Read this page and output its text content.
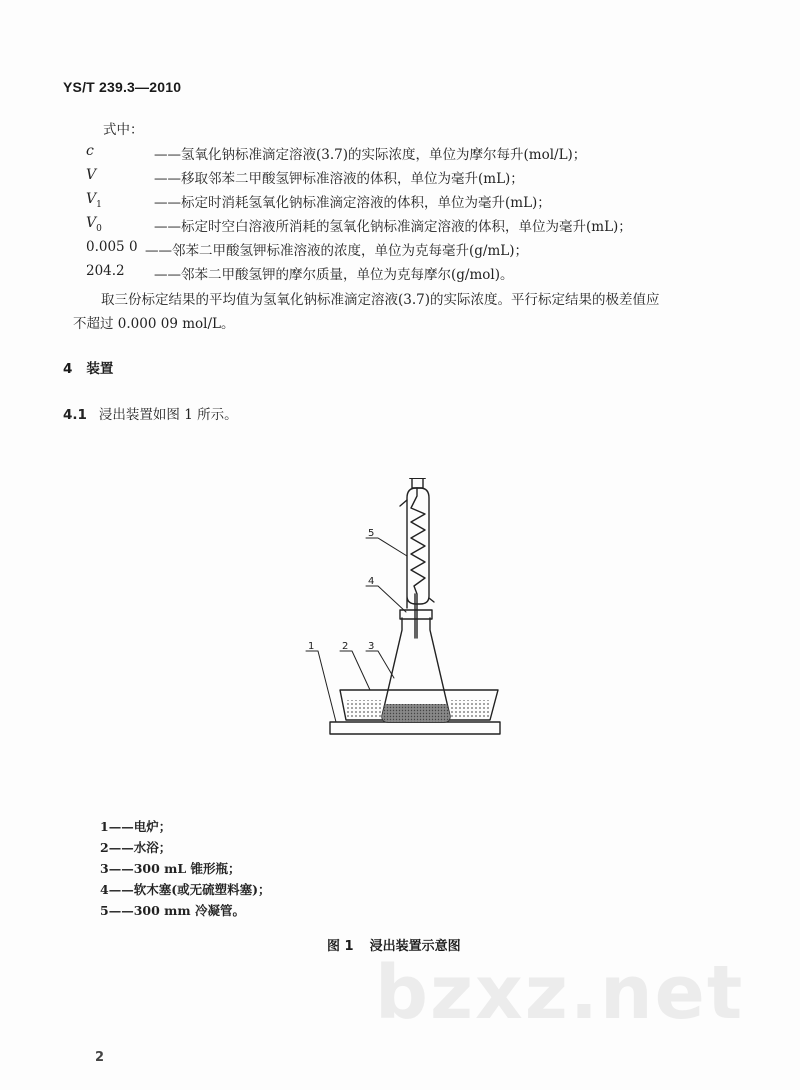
YS/T 239.3—2010
式中：
c	——氢氧化钠标准滴定溶液(3.7)的实际浓度，单位为摩尔每升(mol/L)；
V	——移取邻苯二甲酸氢钾标准溶液的体积，单位为毫升(mL)；
$V_1$	——标定时消耗氢氧化钠标准滴定溶液的体积，单位为毫升(mL)；
$V_0$	——标定时空白溶液所消耗的氢氧化钠标准滴定溶液的体积，单位为毫升(mL)；
0.005 0 ——邻苯二甲酸氢钾标准溶液的浓度，单位为克每毫升(g/mL)；
204.2 ——邻苯二甲酸氢钾的摩尔质量，单位为克每摩尔(g/mol)。
取三份标定结果的平均值为氢氧化钠标准滴定溶液(3.7)的实际浓度。平行标定结果的极差值应
不超过 0.000 09 mol/L。
4 装置
4.1 浸出装置如图 1 所示。
1	2 3
4
5
1——电炉；
2——水浴；
3——300 mL 锥形瓶；
4——软木塞(或无硫塑料塞)；
5——300 mm 冷凝管。
bzxz.net
图 1 浸出装置示意图
2
